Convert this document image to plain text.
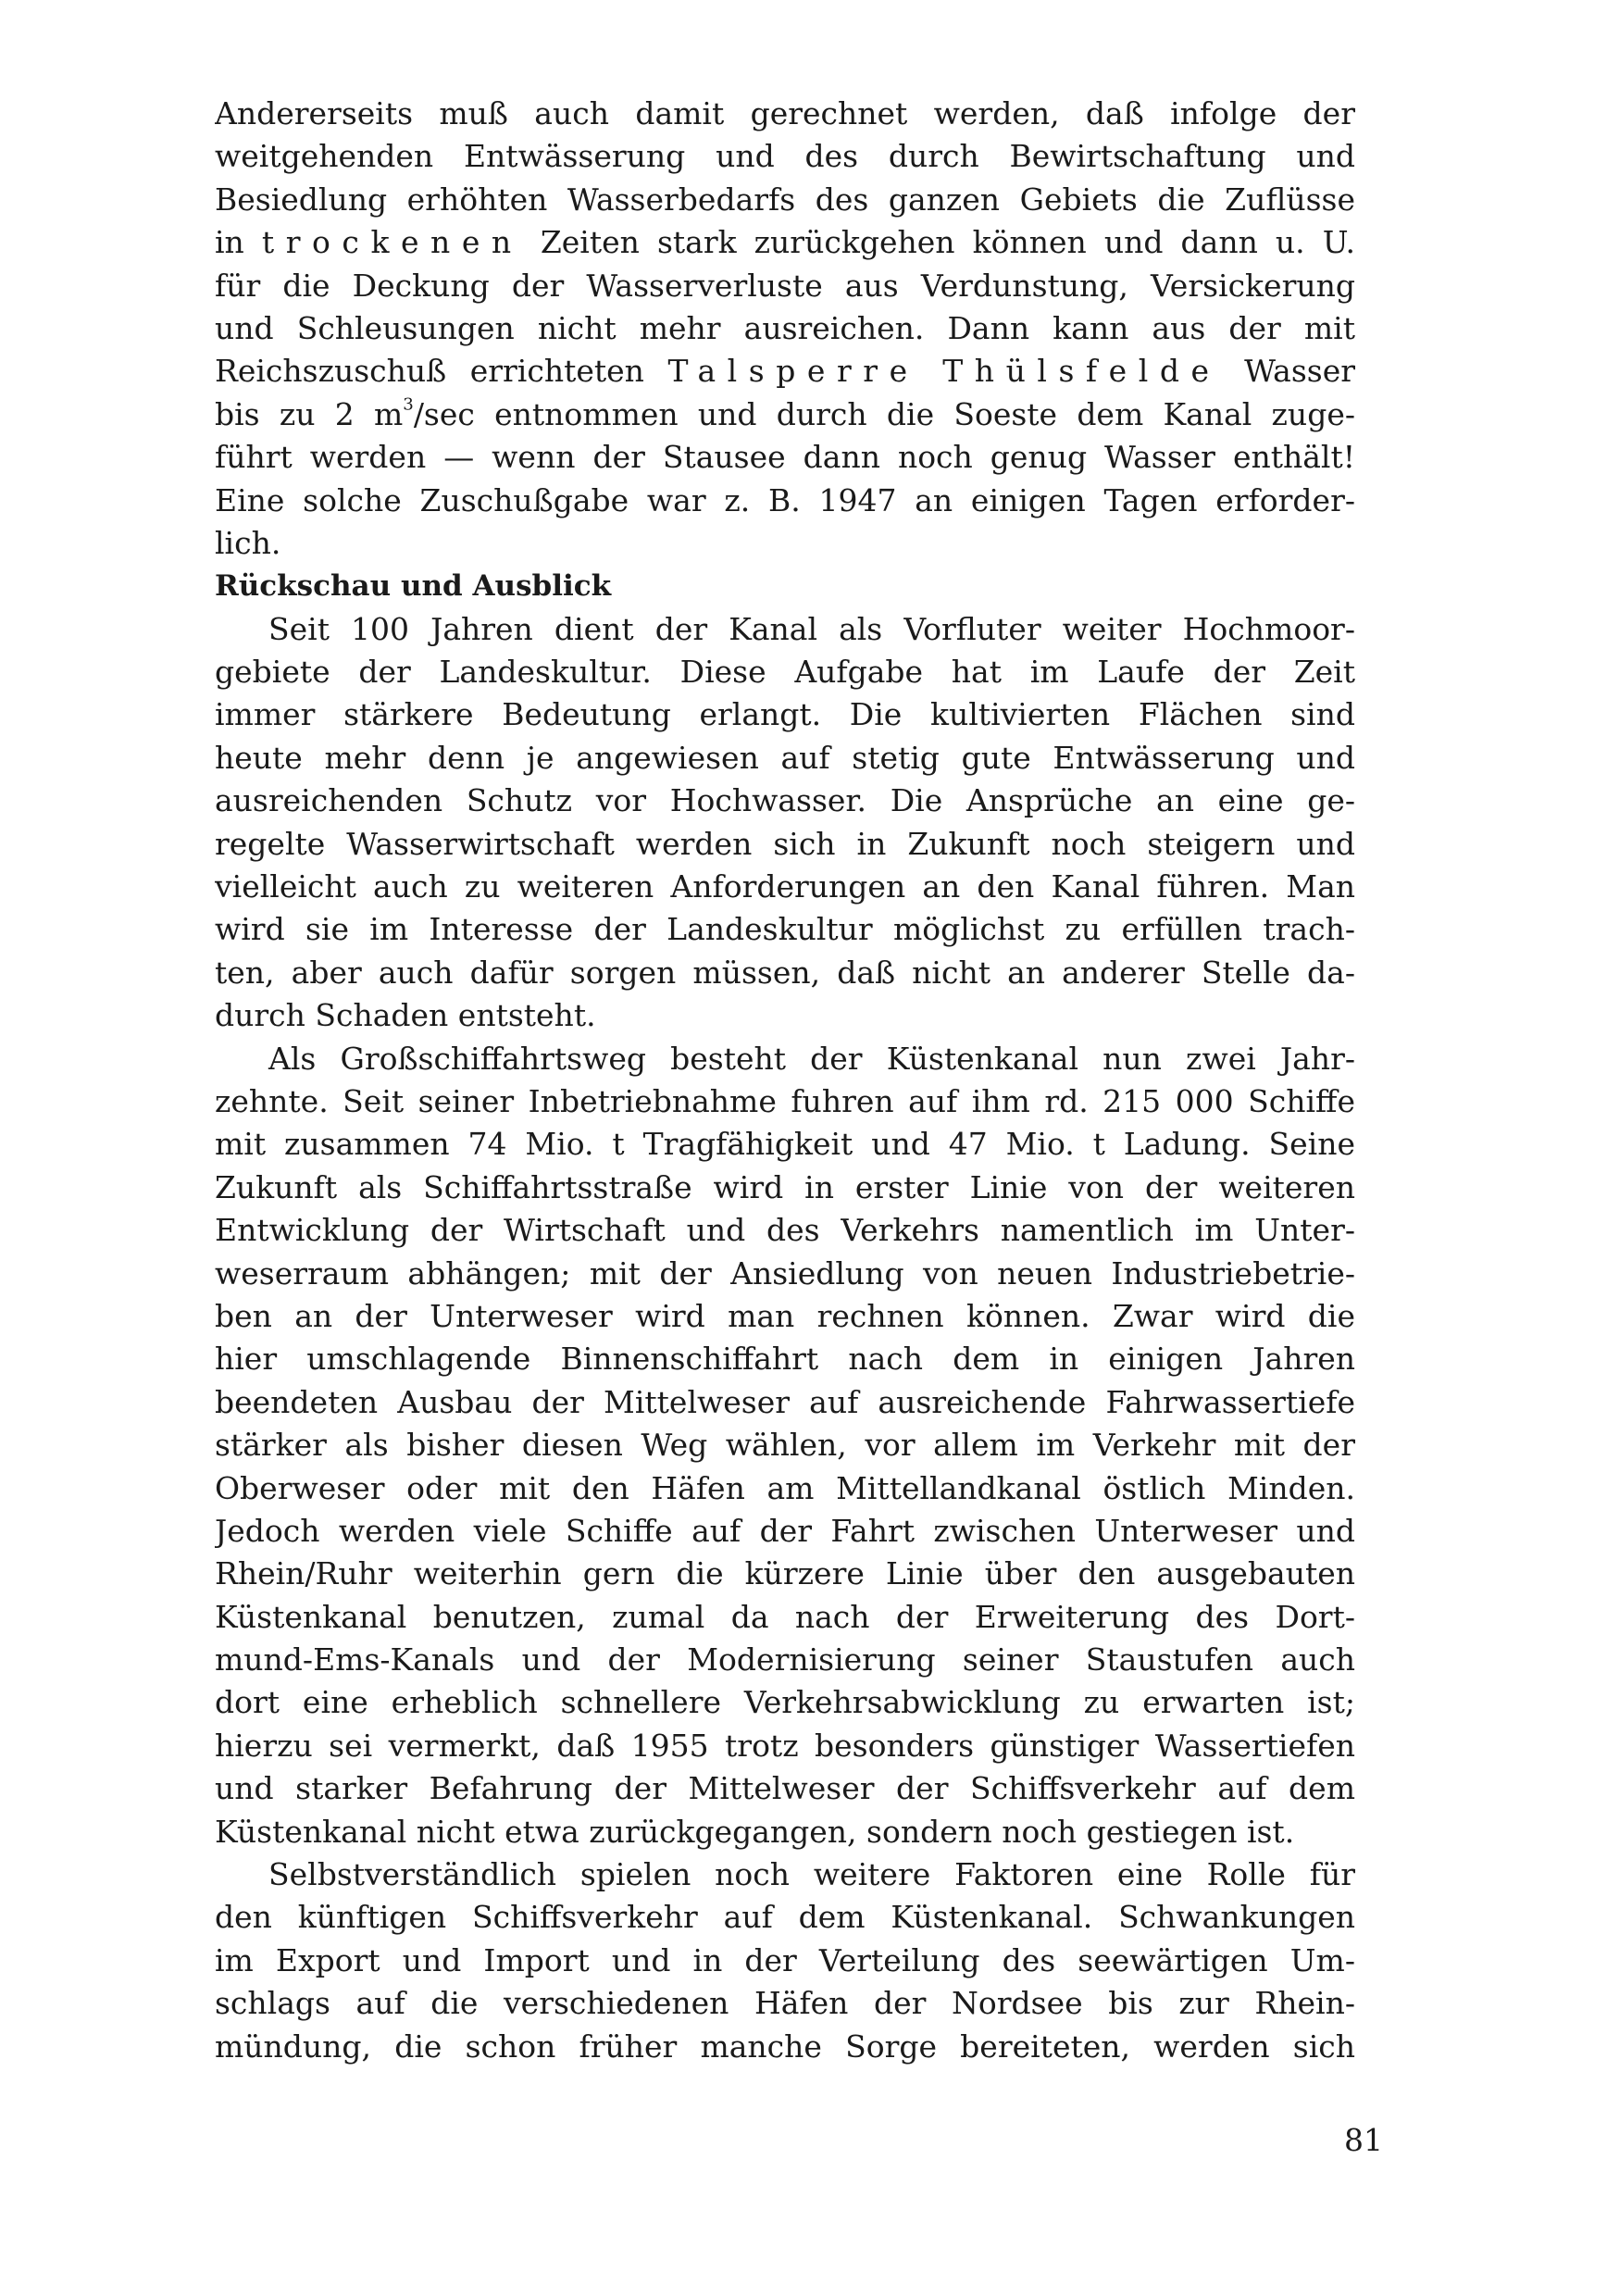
Andererseits muß auch damit gerechnet werden, daß infolge der
weitgehenden Entwässerung und des durch Bewirtschaftung und
Besiedlung erhöhten Wasserbedarfs des ganzen Gebiets die Zuflüsse
in trockenen Zeiten stark zurückgehen können und dann u. U.
für die Deckung der Wasserverluste aus Verdunstung, Versickerung
und Schleusungen nicht mehr ausreichen. Dann kann aus der mit
Reichszuschuß errichteten Talsperre Thülsfelde Wasser
bis zu 2 $m^3/\sec$ entnommen und durch die Soeste dem Kanal zuge-
führt werden — wenn der Stausee dann noch genug Wasser enthält!
Eine solche Zuschußgabe war z. B. 1947 an einigen Tagen erforder-
lich.
Rückschau und Ausblick
Seit 100 Jahren dient der Kanal als Vorfluter weiter Hochmoor-
gebiete der Landeskultur. Diese Aufgabe hat im Laufe der Zeit
immer stärkere Bedeutung erlangt. Die kultivierten Flächen sind
heute mehr denn je angewiesen auf stetig gute Entwässerung und
ausreichenden Schutz vor Hochwasser. Die Ansprüche an eine ge-
regelte Wasserwirtschaft werden sich in Zukunft noch steigern und
vielleicht auch zu weiteren Anforderungen an den Kanal führen. Man
wird sie im Interesse der Landeskultur möglichst zu erfüllen trach-
ten, aber auch dafür sorgen müssen, daß nicht an anderer Stelle da-
durch Schaden entsteht.
Als Großschiffahrtsweg besteht der Küstenkanal nun zwei Jahr-
zehnte. Seit seiner Inbetriebnahme fuhren auf ihm rd. 215 000 Schiffe
mit zusammen 74 Mio. t Tragfähigkeit und 47 Mio. t Ladung. Seine
Zukunft als Schiffahrtsstraße wird in erster Linie von der weiteren
Entwicklung der Wirtschaft und des Verkehrs namentlich im Unter-
weserraum abhängen; mit der Ansiedlung von neuen Industriebetrie-
ben an der Unterweser wird man rechnen können. Zwar wird die
hier umschlagende Binnenschiffahrt nach dem in einigen Jahren
beendeten Ausbau der Mittelweser auf ausreichende Fahrwassertiefe
stärker als bisher diesen Weg wählen, vor allem im Verkehr mit der
Oberweser oder mit den Häfen am Mittellandkanal östlich Minden.
Jedoch werden viele Schiffe auf der Fahrt zwischen Unterweser und
Rhein/Ruhr weiterhin gern die kürzere Linie über den ausgebauten
Küstenkanal benutzen, zumal da nach der Erweiterung des Dort-
mund-Ems-Kanals und der Modernisierung seiner Staustufen auch
dort eine erheblich schnellere Verkehrsabwicklung zu erwarten ist;
hierzu sei vermerkt, daß 1955 trotz besonders günstiger Wassertiefen
und starker Befahrung der Mittelweser der Schiffsverkehr auf dem
Küstenkanal nicht etwa zurückgegangen, sondern noch gestiegen ist.
Selbstverständlich spielen noch weitere Faktoren eine Rolle für
den künftigen Schiffsverkehr auf dem Küstenkanal. Schwankungen
im Export und Import und in der Verteilung des seewärtigen Um-
schlags auf die verschiedenen Häfen der Nordsee bis zur Rhein-
mündung, die schon früher manche Sorge bereiteten, werden sich
81
